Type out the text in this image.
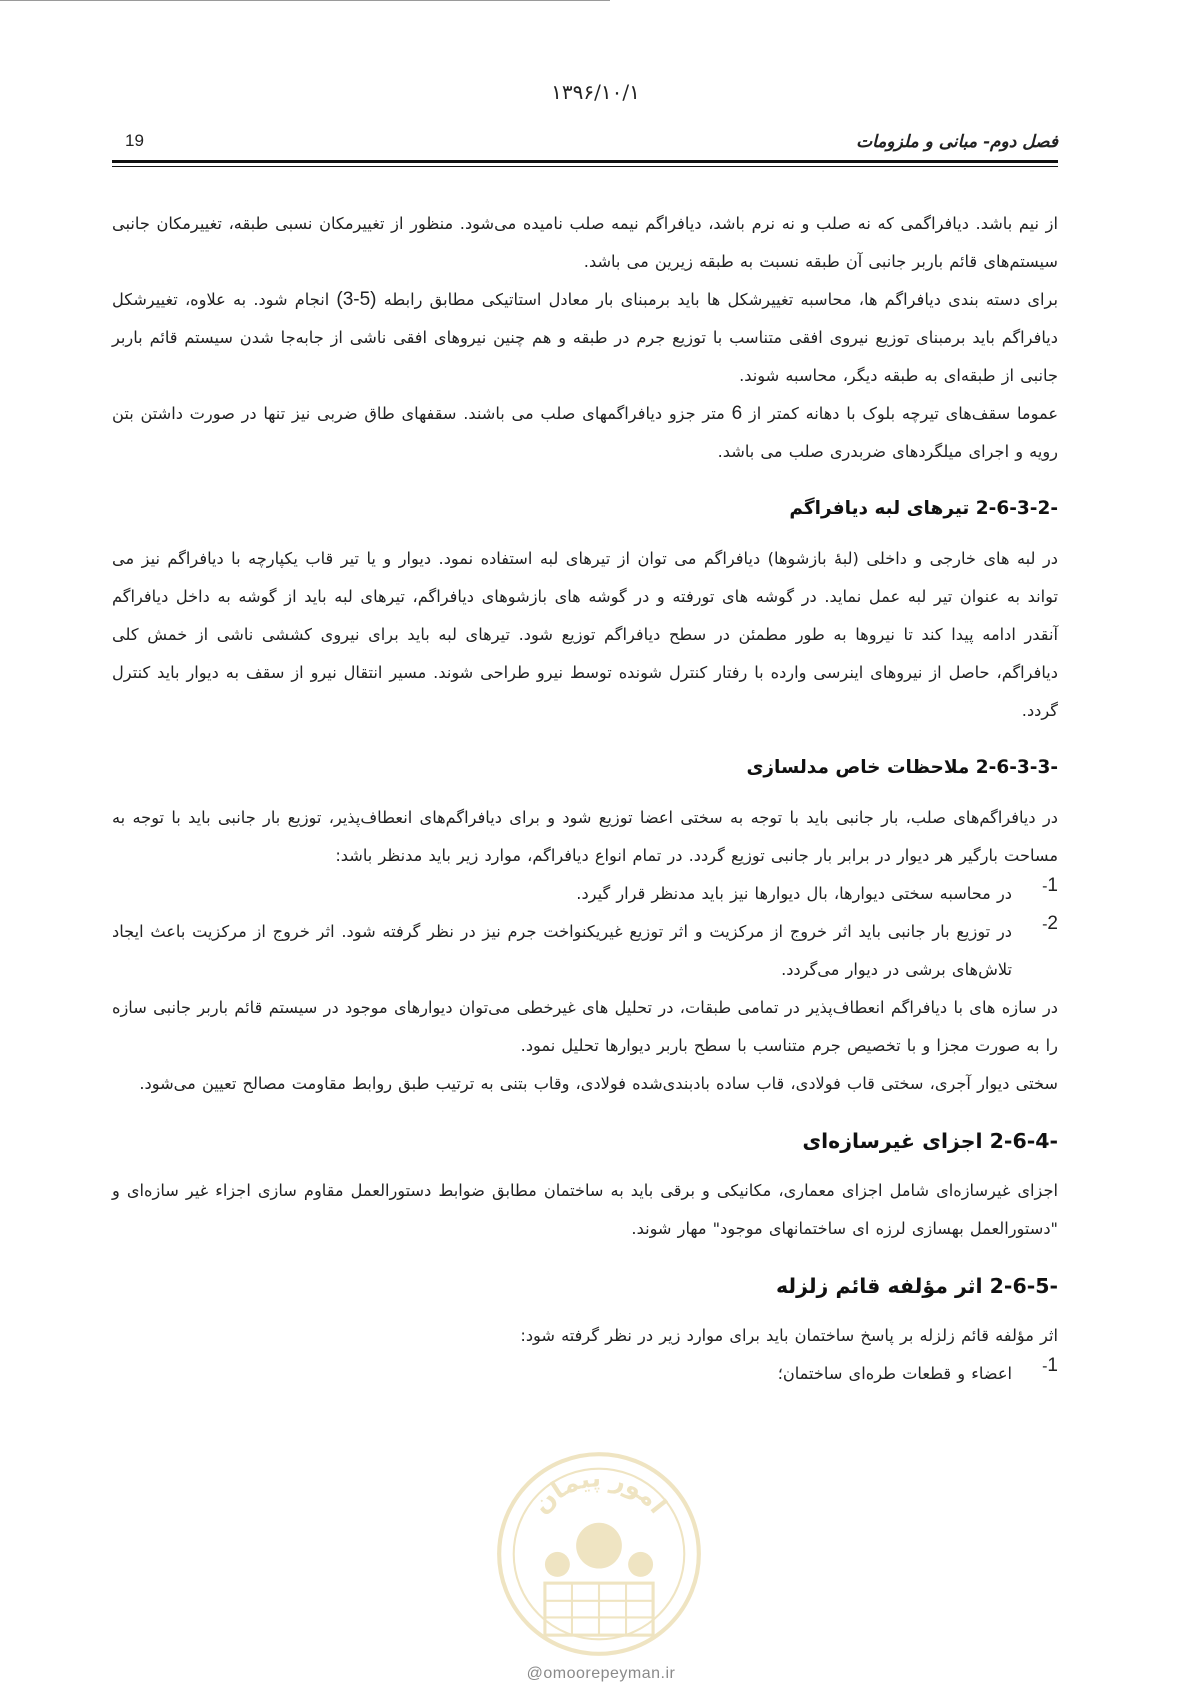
۱۳۹۶/۱۰/۱
19	فصل دوم- مبانی و ملزومات

از نیم باشد. دیافراگمی که نه صلب و نه نرم باشد، دیافراگم نیمه صلب نامیده می‌شود. منظور از تغییرمکان نسبی طبقه، تغییرمکان جانبی سیستم‌های قائم باربر جانبی آن طبقه نسبت به طبقه زیرین می باشد.

برای دسته بندی دیافراگم ها، محاسبه تغییرشکل ها باید برمبنای بار معادل استاتیکی مطابق رابطه (3-5) انجام شود. به علاوه، تغییرشکل دیافراگم باید برمبنای توزیع نیروی افقی متناسب با توزیع جرم در طبقه و هم چنین نیروهای افقی ناشی از جابه‌جا شدن سیستم قائم باربر جانبی از طبقه‌ای به طبقه دیگر، محاسبه شوند.

عموما سقف‌های تیرچه بلوک با دهانه کمتر از 6 متر جزو دیافراگمهای صلب می باشند. سقفهای طاق ضربی نیز تنها در صورت داشتن بتن رویه و اجرای میلگردهای ضربدری صلب می باشد.

2-6-3-2- تیرهای لبه دیافراگم

در لبه های خارجی و داخلی (لبهٔ بازشوها) دیافراگم می توان از تیرهای لبه استفاده نمود. دیوار و یا تیر قاب یکپارچه با دیافراگم نیز می تواند به عنوان تیر لبه عمل نماید. در گوشه های تورفته و در گوشه های بازشوهای دیافراگم، تیرهای لبه باید از گوشه به داخل دیافراگم آنقدر ادامه پیدا کند تا نیروها به طور مطمئن در سطح دیافراگم توزیع شود. تیرهای لبه باید برای نیروی کششی ناشی از خمش کلی دیافراگم، حاصل از نیروهای اینرسی وارده با رفتار کنترل شونده توسط نیرو طراحی شوند. مسیر انتقال نیرو از سقف به دیوار باید کنترل گردد.

2-6-3-3- ملاحظات خاص مدلسازی

در دیافراگم‌های صلب، بار جانبی باید با توجه به سختی اعضا توزیع شود و برای دیافراگم‌های انعطاف‌پذیر، توزیع بار جانبی باید با توجه به مساحت بارگیر هر دیوار در برابر بار جانبی توزیع گردد. در تمام انواع دیافراگم، موارد زیر باید مدنظر باشد:

1-

در محاسبه سختی دیوارها، بال دیوارها نیز باید مدنظر قرار گیرد.

2-

در توزیع بار جانبی باید اثر خروج از مرکزیت و اثر توزیع غیریکنواخت جرم نیز در نظر گرفته شود. اثر خروج از مرکزیت باعث ایجاد تلاش‌های برشی در دیوار می‌گردد.

در سازه های با دیافراگم انعطاف‌پذیر در تمامی طبقات، در تحلیل های غیرخطی می‌توان دیوارهای موجود در سیستم قائم باربر جانبی سازه را به صورت مجزا و با تخصیص جرم متناسب با سطح باربر دیوارها تحلیل نمود.

سختی دیوار آجری، سختی قاب فولادی، قاب ساده بادبندی‌شده فولادی، وقاب بتنی به ترتیب طبق روابط مقاومت مصالح تعیین می‌شود.

2-6-4- اجزای غیرسازه‌ای

اجزای غیرسازه‌ای شامل اجزای معماری، مکانیکی و برقی باید به ساختمان مطابق ضوابط دستورالعمل مقاوم سازی اجزاء غیر سازه‌ای و "دستورالعمل بهسازی لرزه ای ساختمانهای موجود" مهار شوند.

2-6-5- اثر مؤلفه قائم زلزله

اثر مؤلفه قائم زلزله بر پاسخ ساختمان باید برای موارد زیر در نظر گرفته شود:

1-

اعضاء و قطعات طره‌ای ساختمان؛

امور پیمان
@omoorepeyman.ir
